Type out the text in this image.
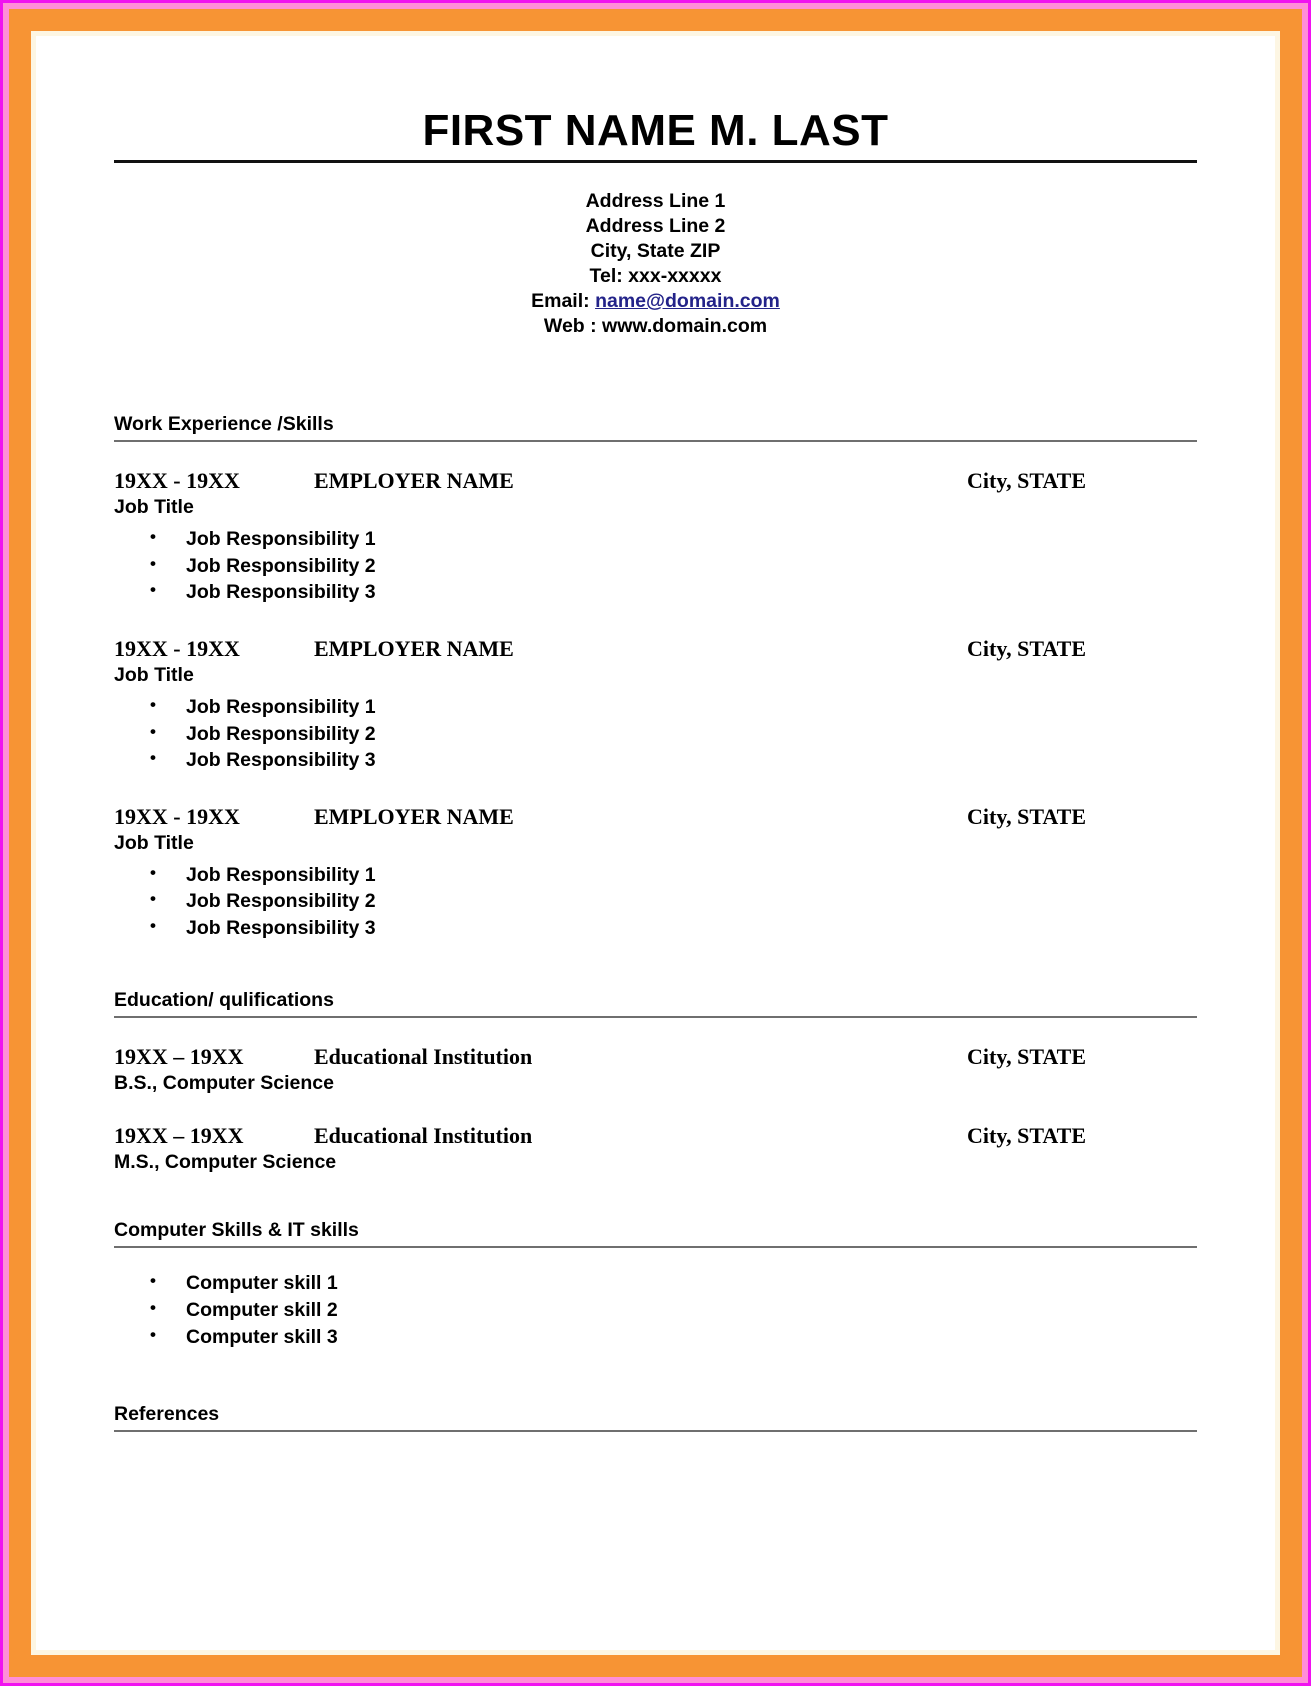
FIRST NAME M. LAST
Address Line 1
Address Line 2
City, State ZIP
Tel: xxx-xxxxx
Email: name@domain.com
Web : www.domain.com
Work Experience /Skills
19XX - 19XX	EMPLOYER NAME	City, STATE
Job Title
• Job Responsibility 1
• Job Responsibility 2
• Job Responsibility 3
19XX - 19XX	EMPLOYER NAME	City, STATE
Job Title
• Job Responsibility 1
• Job Responsibility 2
• Job Responsibility 3
19XX - 19XX	EMPLOYER NAME	City, STATE
Job Title
• Job Responsibility 1
• Job Responsibility 2
• Job Responsibility 3
Education/ qulifications
19XX – 19XX	Educational Institution	City, STATE
B.S., Computer Science
19XX – 19XX	Educational Institution	City, STATE
M.S., Computer Science
Computer Skills & IT skills
• Computer skill 1
• Computer skill 2
• Computer skill 3
References
